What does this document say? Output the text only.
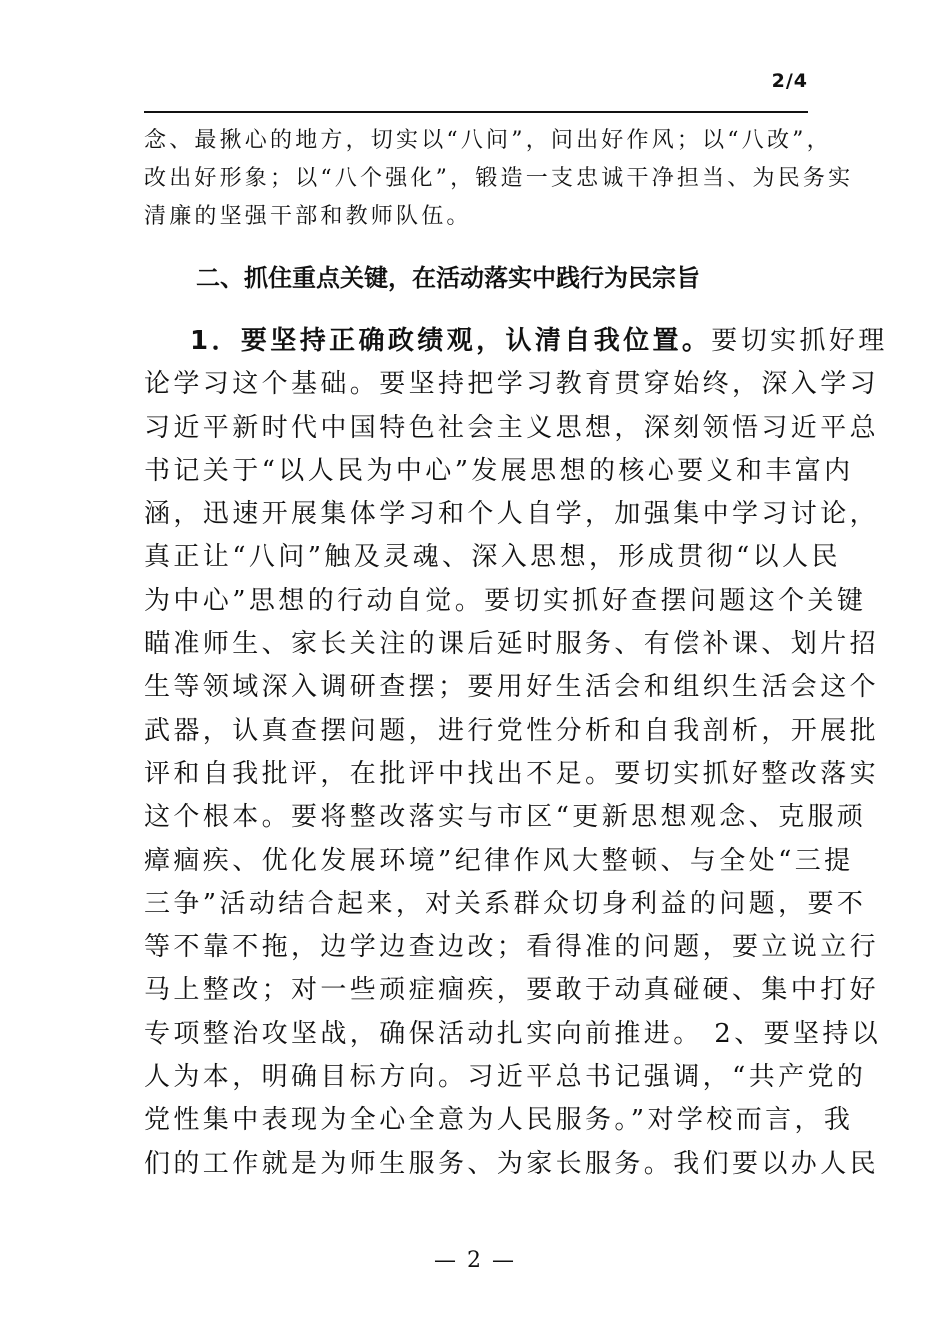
2/4
念、最揪心的地方，切实以“八问”，问出好作风；以“八改”，
改出好形象；以“八个强化”，锻造一支忠诚干净担当、为民务实
清廉的坚强干部和教师队伍。
二、抓住重点关键，在活动落实中践行为民宗旨
1．要坚持正确政绩观，认清自我位置。要切实抓好理
论学习这个基础。要坚持把学习教育贯穿始终，深入学习
习近平新时代中国特色社会主义思想，深刻领悟习近平总
书记关于“以人民为中心”发展思想的核心要义和丰富内
涵，迅速开展集体学习和个人自学，加强集中学习讨论，
真正让“八问”触及灵魂、深入思想，形成贯彻“以人民
为中心”思想的行动自觉。要切实抓好查摆问题这个关键
瞄准师生、家长关注的课后延时服务、有偿补课、划片招
生等领域深入调研查摆；要用好生活会和组织生活会这个
武器，认真查摆问题，进行党性分析和自我剖析，开展批
评和自我批评，在批评中找出不足。要切实抓好整改落实
这个根本。要将整改落实与市区“更新思想观念、克服顽
瘴痼疾、优化发展环境”纪律作风大整顿、与全处“三提
三争”活动结合起来，对关系群众切身利益的问题，要不
等不靠不拖，边学边查边改；看得准的问题，要立说立行
马上整改；对一些顽症痼疾，要敢于动真碰硬、集中打好
专项整治攻坚战，确保活动扎实向前推进。 2、要坚持以
人为本，明确目标方向。习近平总书记强调，“共产党的
党性集中表现为全心全意为人民服务。”对学校而言，我
们的工作就是为师生服务、为家长服务。我们要以办人民
— 2 —
